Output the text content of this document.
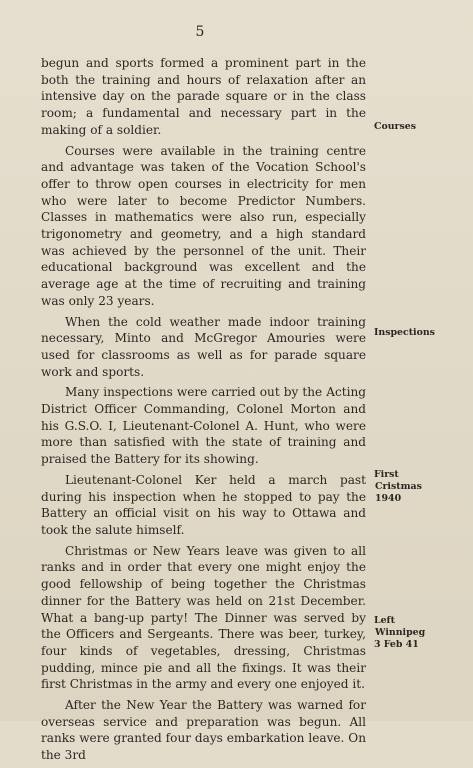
5

begun and sports formed a prominent part in the both the training and hours of relaxation after an intensive day on the parade square or in the class room; a fundamental and necessary part in the making of a soldier.

Courses were available in the training centre and advantage was taken of the Vocation School's offer to throw open courses in electricity for men who were later to become Predictor Numbers. Classes in mathematics were also run, especially trigonometry and geometry, and a high standard was achieved by the personnel of the unit. Their educational background was excellent and the average age at the time of recruiting and training was only 23 years.

When the cold weather made indoor training necessary, Minto and McGregor Amouries were used for classrooms as well as for parade square work and sports.

Many inspections were carried out by the Acting District Officer Commanding, Colonel Morton and his G.S.O. I, Lieutenant-Colonel A. Hunt, who were more than satisfied with the state of training and praised the Battery for its showing.

Lieutenant-Colonel Ker held a march past during his inspection when he stopped to pay the Battery an official visit on his way to Ottawa and took the salute himself.

Christmas or New Years leave was given to all ranks and in order that every one might enjoy the good fellowship of being together the Christmas dinner for the Battery was held on 21st December. What a bang-up party! The Dinner was served by the Officers and Sergeants. There was beer, turkey, four kinds of vegetables, dressing, Christmas pudding, mince pie and all the fixings. It was their first Christmas in the army and every one enjoyed it.

After the New Year the Battery was warned for overseas service and preparation was begun. All ranks were granted four days embarkation leave. On the 3rd

Courses
Inspections
First
Cristmas
1940
Left
Winnipeg
3 Feb 41
